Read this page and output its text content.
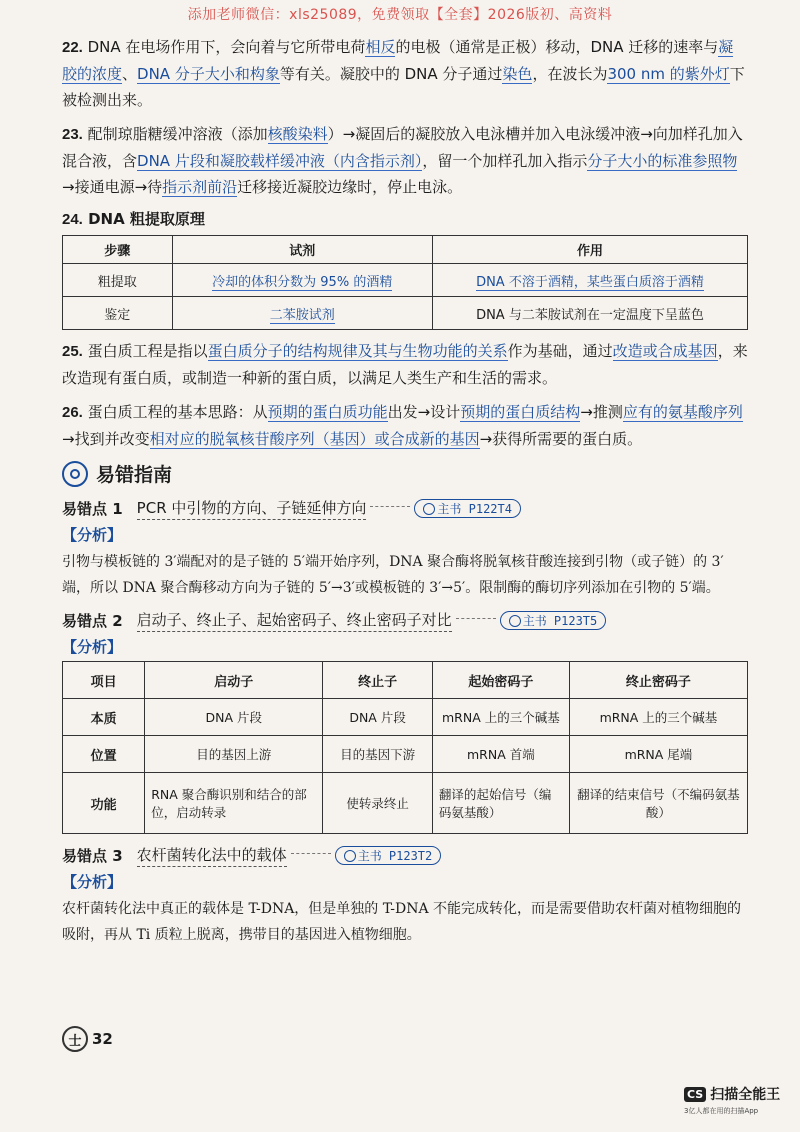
添加老师微信：xls25089，免费领取【全套】2026版初、高资料

22. DNA 在电场作用下，会向着与它所带电荷相反的电极（通常是正极）移动，DNA 迁移的速率与凝胶的浓度、DNA 分子大小和构象等有关。凝胶中的 DNA 分子通过染色，在波长为300 nm 的紫外灯下被检测出来。

23. 配制琼脂糖缓冲溶液（添加核酸染料）→凝固后的凝胶放入电泳槽并加入电泳缓冲液→向加样孔加入混合液，含DNA 片段和凝胶载样缓冲液（内含指示剂），留一个加样孔加入指示分子大小的标准参照物→接通电源→待指示剂前沿迁移接近凝胶边缘时，停止电泳。

24. DNA 粗提取原理
步骤	试剂	作用
粗提取	冷却的体积分数为 95% 的酒精	DNA 不溶于酒精，某些蛋白质溶于酒精
鉴定	二苯胺试剂	DNA 与二苯胺试剂在一定温度下呈蓝色

25. 蛋白质工程是指以蛋白质分子的结构规律及其与生物功能的关系作为基础，通过改造或合成基因，来改造现有蛋白质，或制造一种新的蛋白质，以满足人类生产和生活的需求。

26. 蛋白质工程的基本思路：从预期的蛋白质功能出发→设计预期的蛋白质结构→推测应有的氨基酸序列→找到并改变相对应的脱氧核苷酸序列（基因）或合成新的基因→获得所需要的蛋白质。

易错指南
易错点 1 PCR 中引物的方向、子链延伸方向	主书 P122T4
【分析】

引物与模板链的 3′端配对的是子链的 5′端开始序列，DNA 聚合酶将脱氧核苷酸连接到引物（或子链）的 3′端，所以 DNA 聚合酶移动方向为子链的 5′→3′或模板链的 3′→5′。限制酶的酶切序列添加在引物的 5′端。

易错点 2 启动子、终止子、起始密码子、终止密码子对比	主书 P123T5
【分析】
项目	启动子	终止子	起始密码子	终止密码子
本质	DNA 片段	DNA 片段	mRNA 上的三个碱基	mRNA 上的三个碱基
位置	目的基因上游	目的基因下游	mRNA 首端	mRNA 尾端
功能	RNA 聚合酶识别和结合的部位，启动转录	使转录终止	翻译的起始信号（编码氨基酸）	翻译的结束信号（不编码氨基酸）
易错点 3 农杆菌转化法中的载体	主书 P123T2
【分析】

农杆菌转化法中真正的载体是 T-DNA，但是单独的 T-DNA 不能完成转化，而是需要借助农杆菌对植物细胞的吸附，再从 Ti 质粒上脱离，携带目的基因进入植物细胞。

士 32
CS 扫描全能王
3亿人都在用的扫描App
